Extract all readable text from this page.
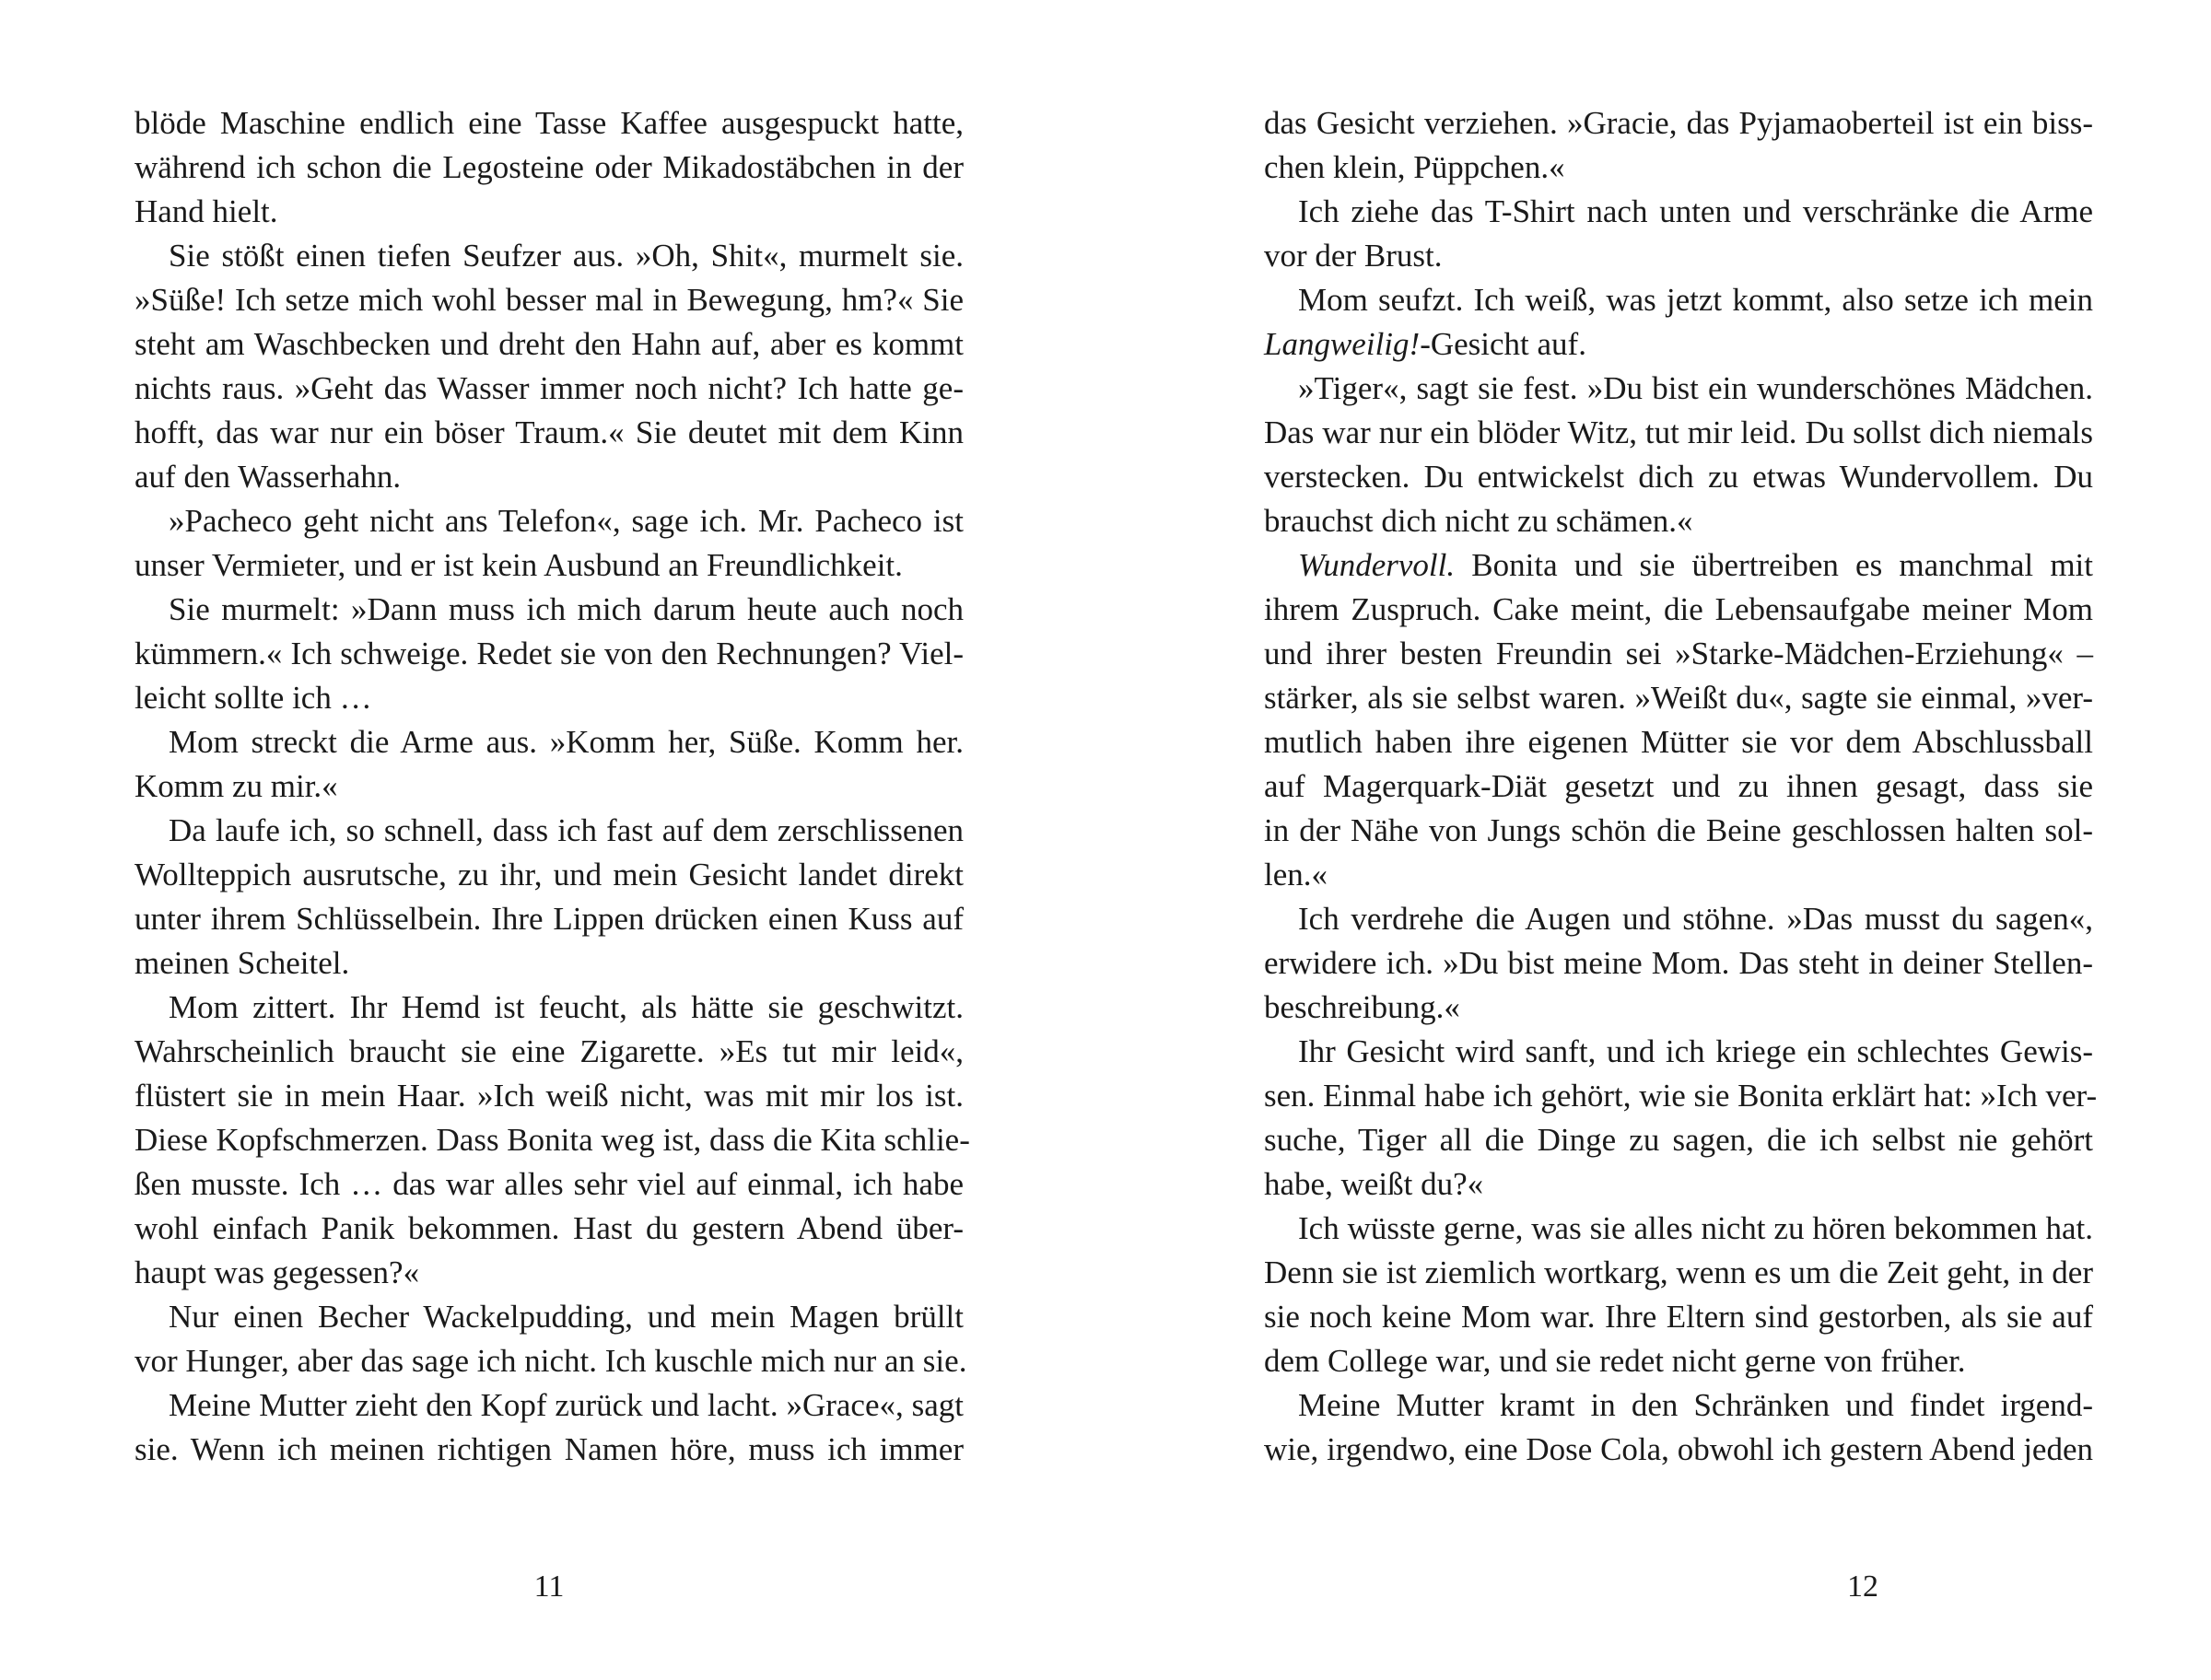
blöde Maschine endlich eine Tasse Kaffee ausgespuckt hatte,
während ich schon die Legosteine oder Mikadostäbchen in der
Hand hielt.
Sie stößt einen tiefen Seufzer aus. »Oh, Shit«, murmelt sie.
»Süße! Ich setze mich wohl besser mal in Bewegung, hm?« Sie
steht am Waschbecken und dreht den Hahn auf, aber es kommt
nichts raus. »Geht das Wasser immer noch nicht? Ich hatte ge-
hofft, das war nur ein böser Traum.« Sie deutet mit dem Kinn
auf den Wasserhahn.
»Pacheco geht nicht ans Telefon«, sage ich. Mr. Pacheco ist
unser Vermieter, und er ist kein Ausbund an Freundlichkeit.
Sie murmelt: »Dann muss ich mich darum heute auch noch
kümmern.« Ich schweige. Redet sie von den Rechnungen? Viel-
leicht sollte ich …
Mom streckt die Arme aus. »Komm her, Süße. Komm her.
Komm zu mir.«
Da laufe ich, so schnell, dass ich fast auf dem zerschlissenen
Wollteppich ausrutsche, zu ihr, und mein Gesicht landet direkt
unter ihrem Schlüsselbein. Ihre Lippen drücken einen Kuss auf
meinen Scheitel.
Mom zittert. Ihr Hemd ist feucht, als hätte sie geschwitzt.
Wahrscheinlich braucht sie eine Zigarette. »Es tut mir leid«,
flüstert sie in mein Haar. »Ich weiß nicht, was mit mir los ist.
Diese Kopfschmerzen. Dass Bonita weg ist, dass die Kita schlie-
ßen musste. Ich … das war alles sehr viel auf einmal, ich habe
wohl einfach Panik bekommen. Hast du gestern Abend über-
haupt was gegessen?«
Nur einen Becher Wackelpudding, und mein Magen brüllt
vor Hunger, aber das sage ich nicht. Ich kuschle mich nur an sie.
Meine Mutter zieht den Kopf zurück und lacht. »Grace«, sagt
sie. Wenn ich meinen richtigen Namen höre, muss ich immer
11
das Gesicht verziehen. »Gracie, das Pyjamaoberteil ist ein biss-
chen klein, Püppchen.«
Ich ziehe das T-Shirt nach unten und verschränke die Arme
vor der Brust.
Mom seufzt. Ich weiß, was jetzt kommt, also setze ich mein
Langweilig!-Gesicht auf.
»Tiger«, sagt sie fest. »Du bist ein wunderschönes Mädchen.
Das war nur ein blöder Witz, tut mir leid. Du sollst dich niemals
verstecken. Du entwickelst dich zu etwas Wundervollem. Du
brauchst dich nicht zu schämen.«
Wundervoll. Bonita und sie übertreiben es manchmal mit
ihrem Zuspruch. Cake meint, die Lebensaufgabe meiner Mom
und ihrer besten Freundin sei »Starke-Mädchen-Erziehung« –
stärker, als sie selbst waren. »Weißt du«, sagte sie einmal, »ver-
mutlich haben ihre eigenen Mütter sie vor dem Abschlussball
auf Magerquark-Diät gesetzt und zu ihnen gesagt, dass sie
in der Nähe von Jungs schön die Beine geschlossen halten sol-
len.«
Ich verdrehe die Augen und stöhne. »Das musst du sagen«,
erwidere ich. »Du bist meine Mom. Das steht in deiner Stellen-
beschreibung.«
Ihr Gesicht wird sanft, und ich kriege ein schlechtes Gewis-
sen. Einmal habe ich gehört, wie sie Bonita erklärt hat: »Ich ver-
suche, Tiger all die Dinge zu sagen, die ich selbst nie gehört
habe, weißt du?«
Ich wüsste gerne, was sie alles nicht zu hören bekommen hat.
Denn sie ist ziemlich wortkarg, wenn es um die Zeit geht, in der
sie noch keine Mom war. Ihre Eltern sind gestorben, als sie auf
dem College war, und sie redet nicht gerne von früher.
Meine Mutter kramt in den Schränken und findet irgend-
wie, irgendwo, eine Dose Cola, obwohl ich gestern Abend jeden
12
